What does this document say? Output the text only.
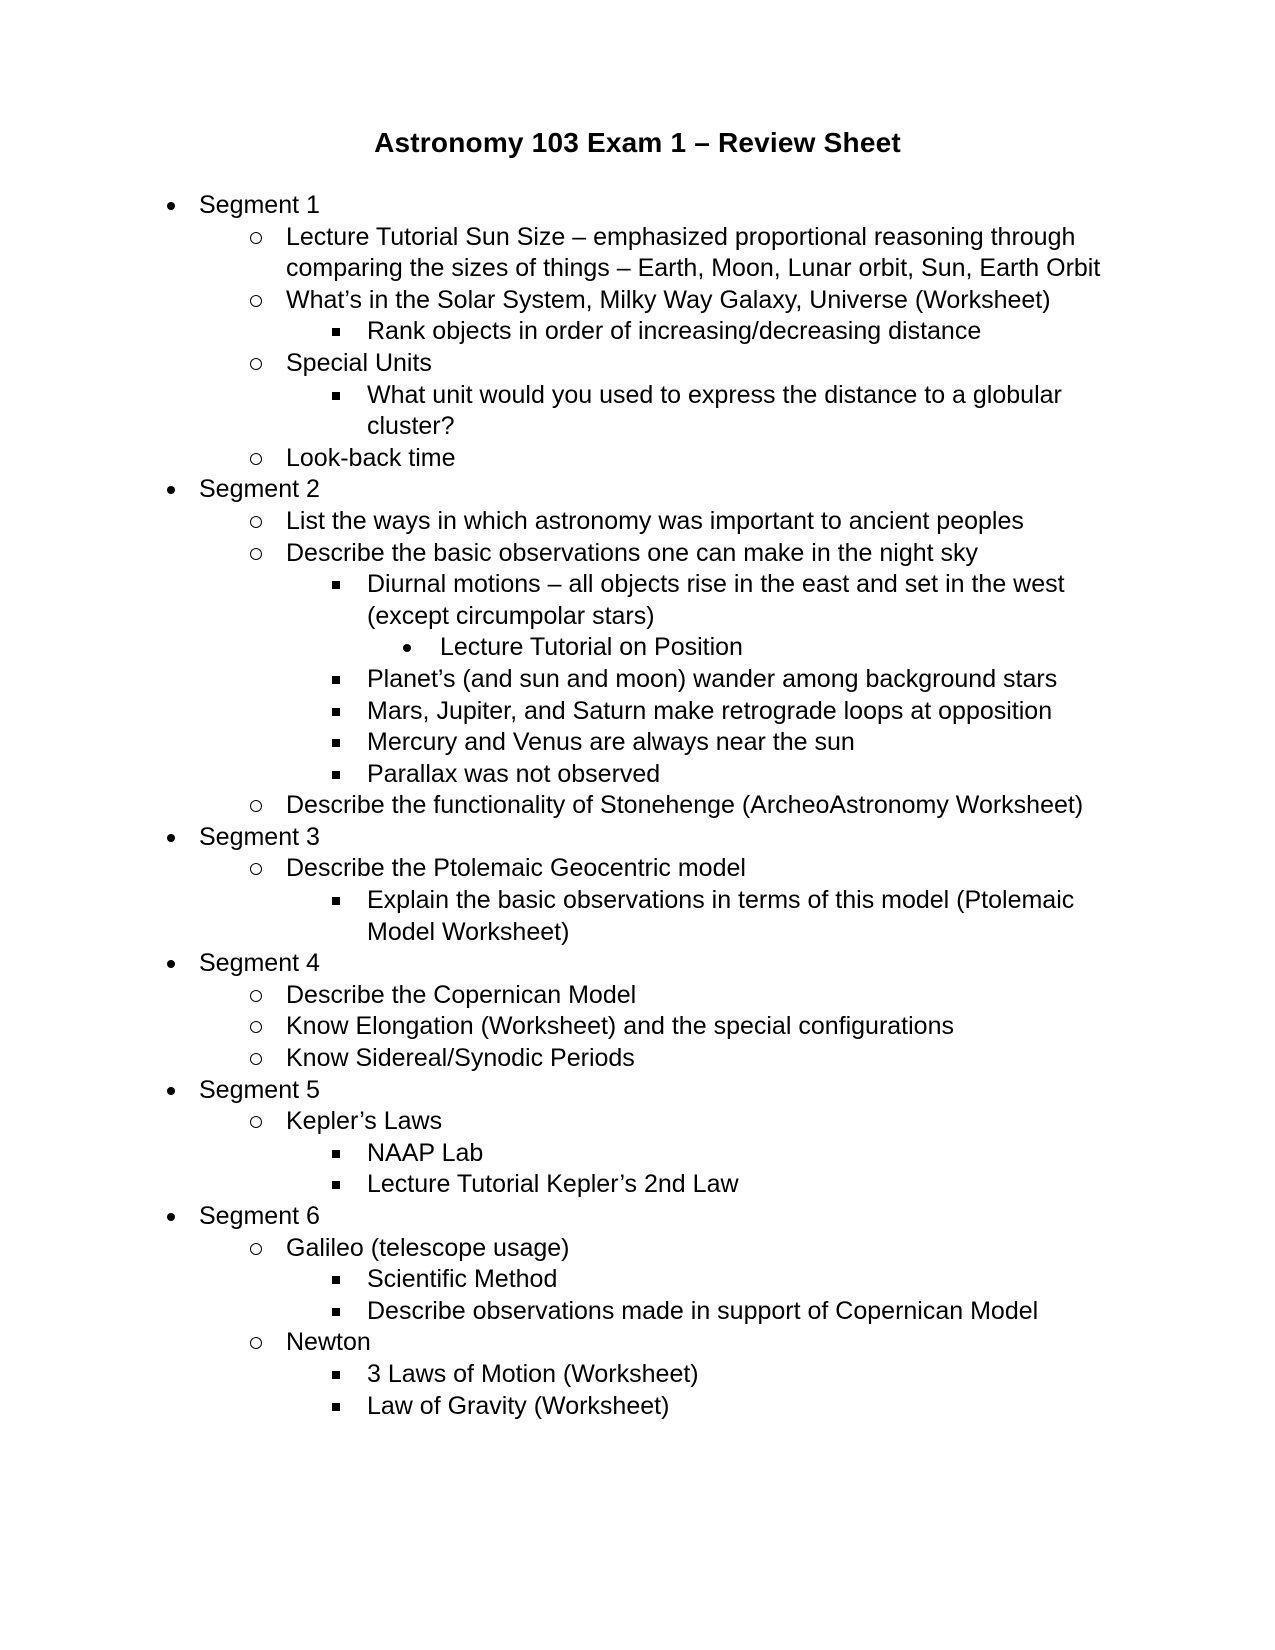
Astronomy 103 Exam 1 – Review Sheet
Segment 1
Lecture Tutorial Sun Size – emphasized proportional reasoning through comparing the sizes of things – Earth, Moon, Lunar orbit, Sun, Earth Orbit
What’s in the Solar System, Milky Way Galaxy, Universe (Worksheet)
Rank objects in order of increasing/decreasing distance
Special Units
What unit would you used to express the distance to a globular cluster?
Look-back time
Segment 2
List the ways in which astronomy was important to ancient peoples
Describe the basic observations one can make in the night sky
Diurnal motions – all objects rise in the east and set in the west (except circumpolar stars)
Lecture Tutorial on Position
Planet’s (and sun and moon) wander among background stars
Mars, Jupiter, and Saturn make retrograde loops at opposition
Mercury and Venus are always near the sun
Parallax was not observed
Describe the functionality of Stonehenge (ArcheoAstronomy Worksheet)
Segment 3
Describe the Ptolemaic Geocentric model
Explain the basic observations in terms of this model (Ptolemaic Model Worksheet)
Segment 4
Describe the Copernican Model
Know Elongation (Worksheet) and the special configurations
Know Sidereal/Synodic Periods
Segment 5
Kepler’s Laws
NAAP Lab
Lecture Tutorial Kepler’s 2nd Law
Segment 6
Galileo (telescope usage)
Scientific Method
Describe observations made in support of Copernican Model
Newton
3 Laws of Motion (Worksheet)
Law of Gravity (Worksheet)
